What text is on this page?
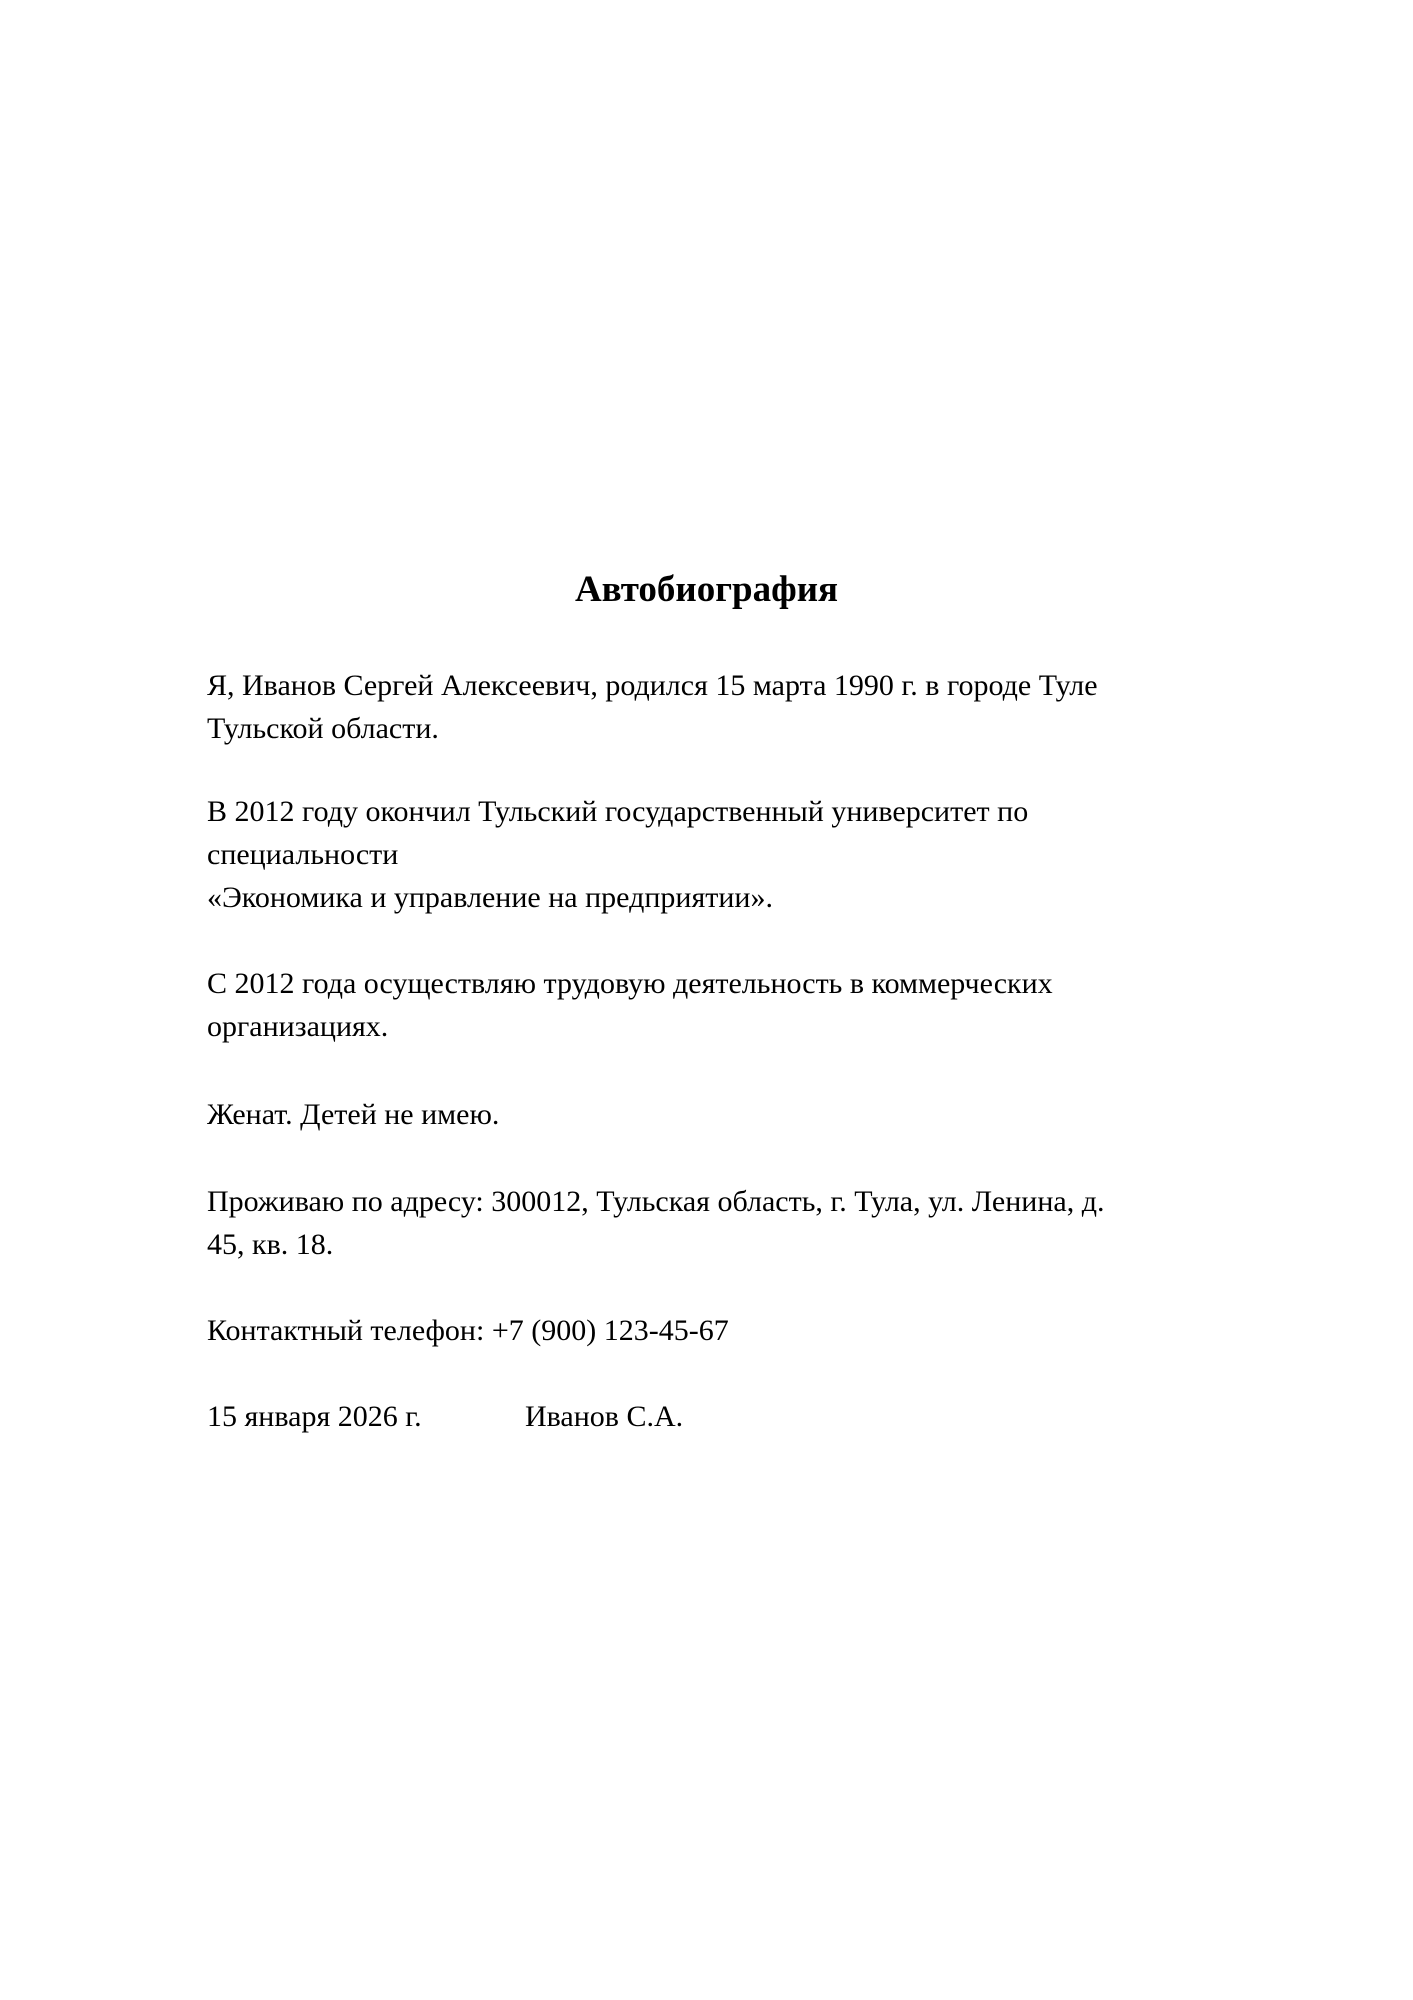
Автобиография
Я, Иванов Сергей Алексеевич, родился 15 марта 1990 г. в городе Туле
Тульской области.
В 2012 году окончил Тульский государственный университет по
специальности
«Экономика и управление на предприятии».
С 2012 года осуществляю трудовую деятельность в коммерческих
организациях.
Женат. Детей не имею.
Проживаю по адресу: 300012, Тульская область, г. Тула, ул. Ленина, д.
45, кв. 18.
Контактный телефон: +7 (900) 123-45-67
15 января 2026 г.	Иванов С.А.
